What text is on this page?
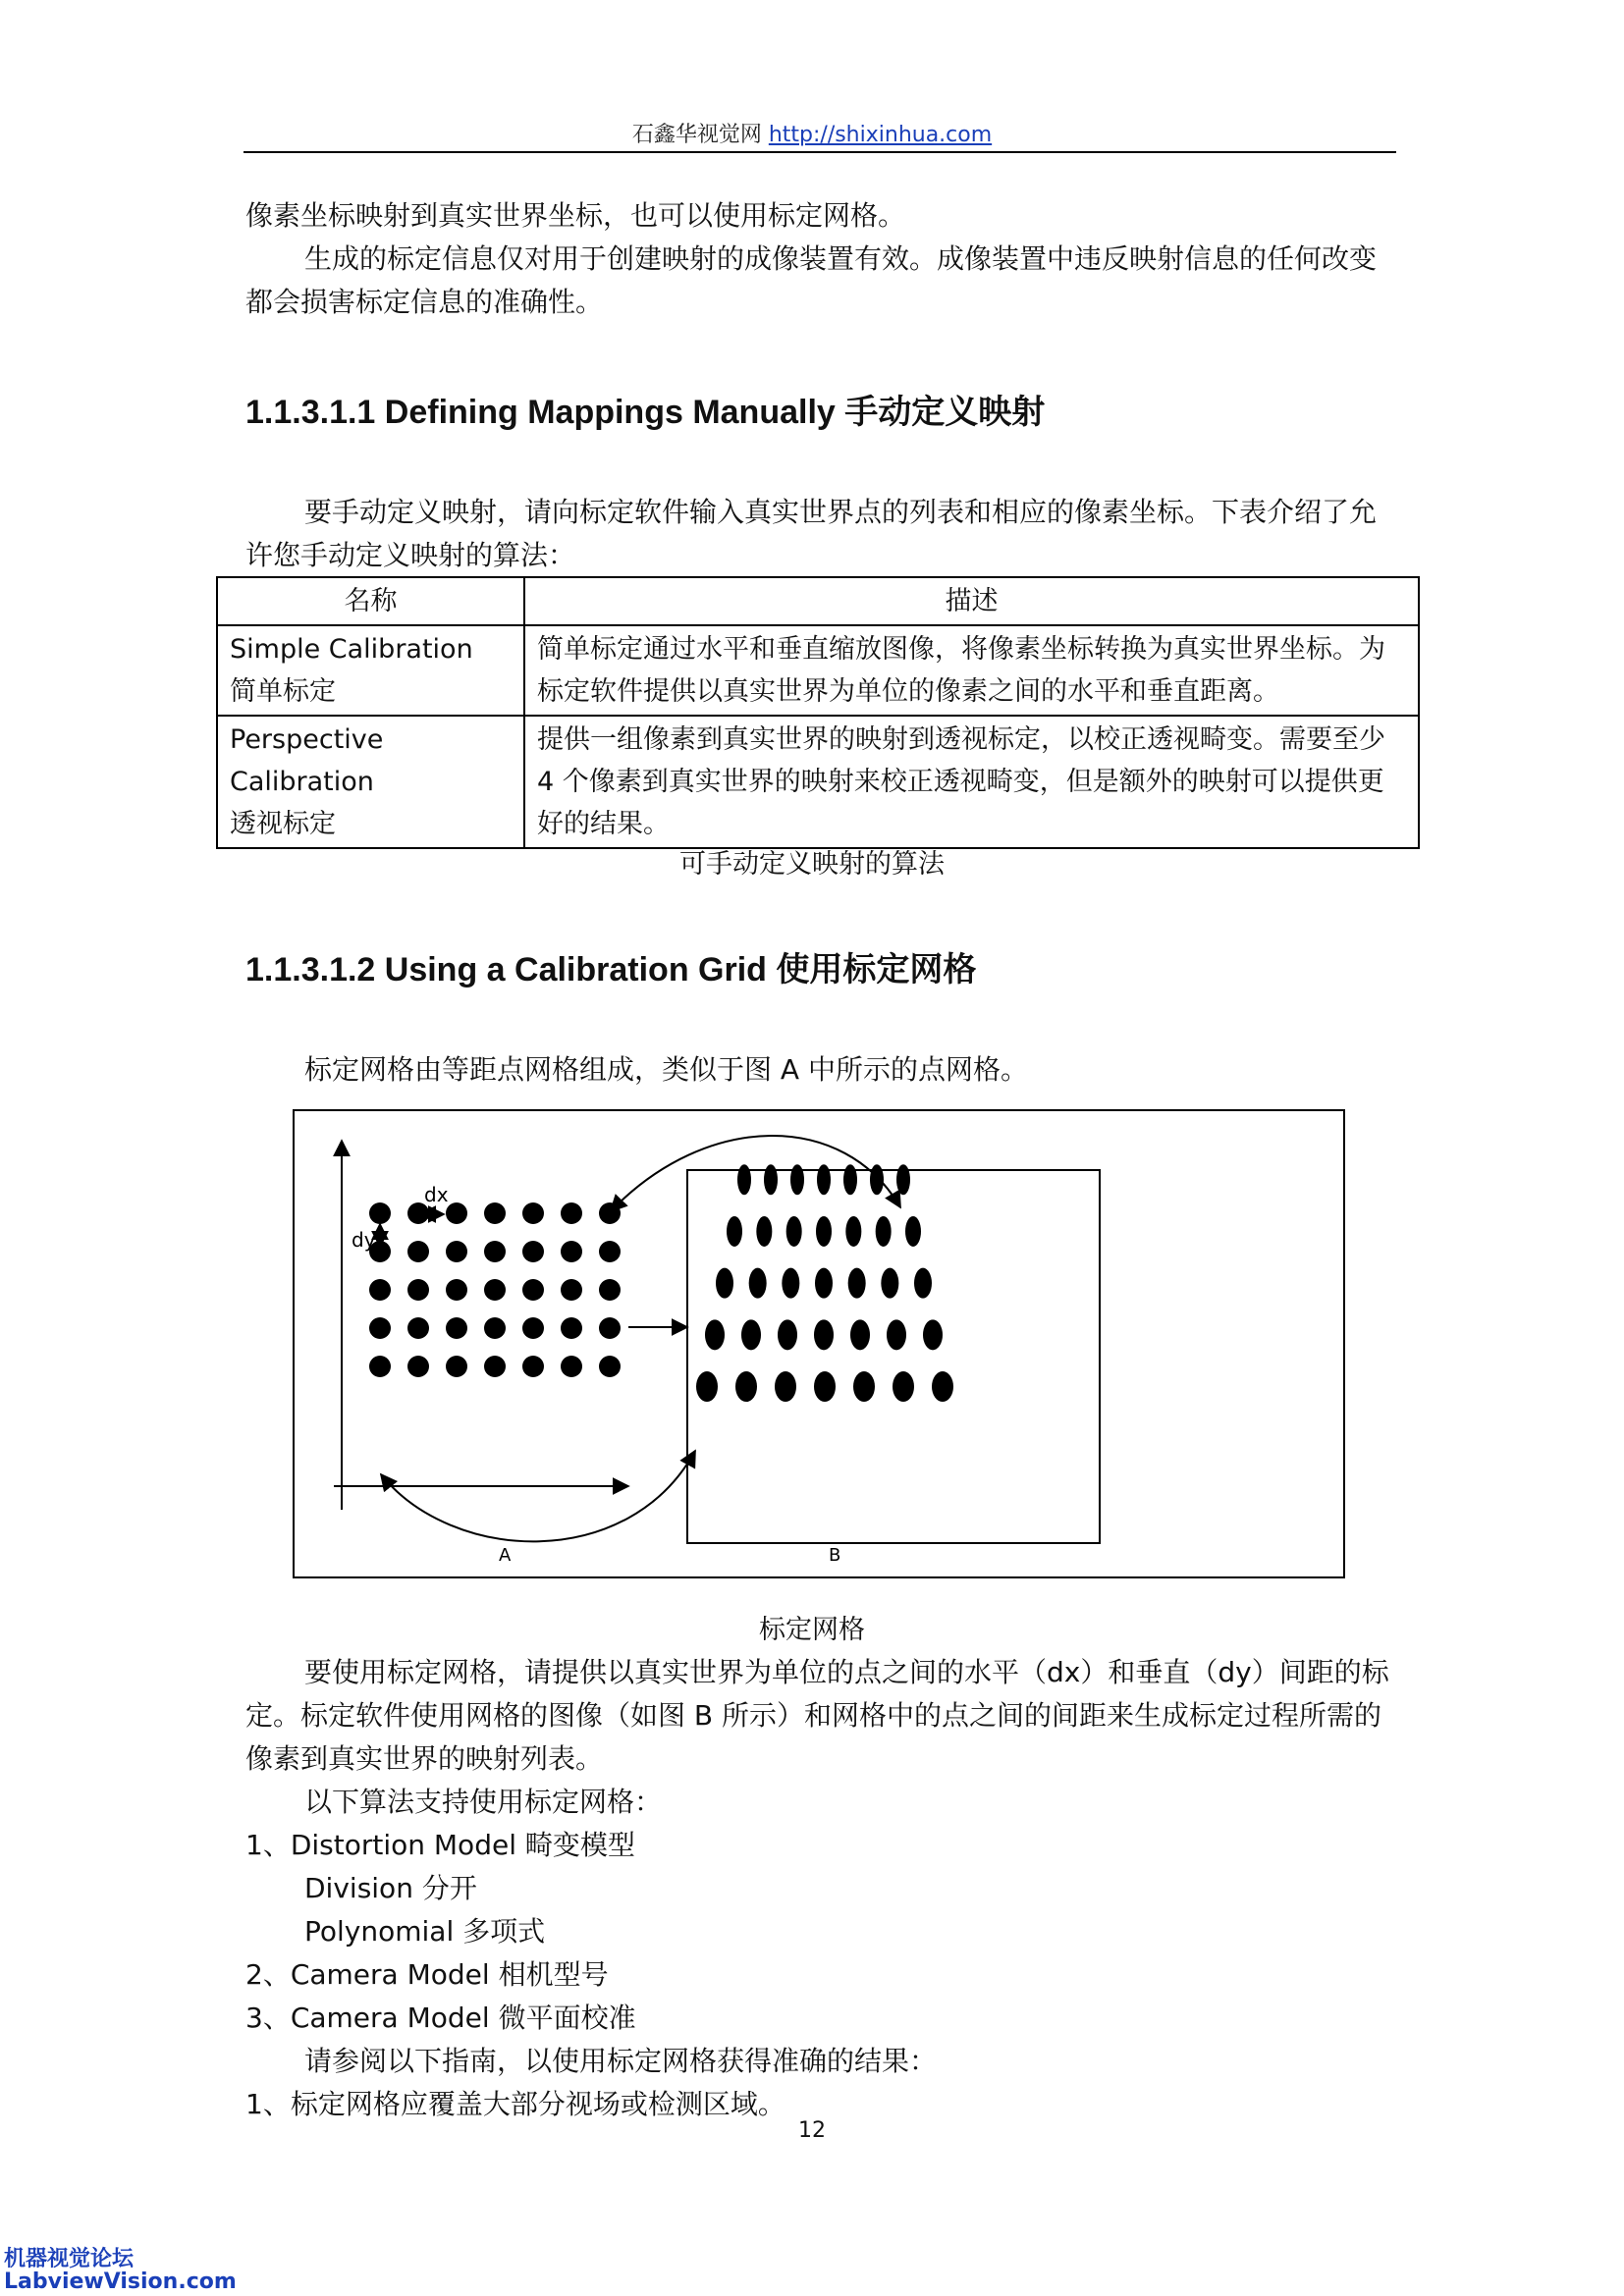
石鑫华视觉网 http://shixinhua.com

像素坐标映射到真实世界坐标，也可以使用标定网格。

生成的标定信息仅对用于创建映射的成像装置有效。成像装置中违反映射信息的任何改变都会损害标定信息的准确性。

1.1.3.1.1 Defining Mappings Manually 手动定义映射

要手动定义映射，请向标定软件输入真实世界点的列表和相应的像素坐标。下表介绍了允许您手动定义映射的算法：

名称	描述

Simple Calibration
简单标定	简单标定通过水平和垂直缩放图像，将像素坐标转换为真实世界坐标。为标定软件提供以真实世界为单位的像素之间的水平和垂直距离。

Perspective Calibration
透视标定	提供一组像素到真实世界的映射到透视标定，以校正透视畸变。需要至少 4 个像素到真实世界的映射来校正透视畸变，但是额外的映射可以提供更好的结果。
可手动定义映射的算法
1.1.3.1.2 Using a Calibration Grid 使用标定网格

标定网格由等距点网格组成，类似于图 A 中所示的点网格。

dx
dy
A	B
标定网格

要使用标定网格，请提供以真实世界为单位的点之间的水平（dx）和垂直（dy）间距的标定。标定软件使用网格的图像（如图 B 所示）和网格中的点之间的间距来生成标定过程所需的像素到真实世界的映射列表。

以下算法支持使用标定网格：

1、Distortion Model 畸变模型

Division 分开

Polynomial 多项式

2、Camera Model 相机型号

3、Camera Model 微平面校准

请参阅以下指南，以使用标定网格获得准确的结果：

1、标定网格应覆盖大部分视场或检测区域。

12
机器视觉论坛
LabviewVision.com
